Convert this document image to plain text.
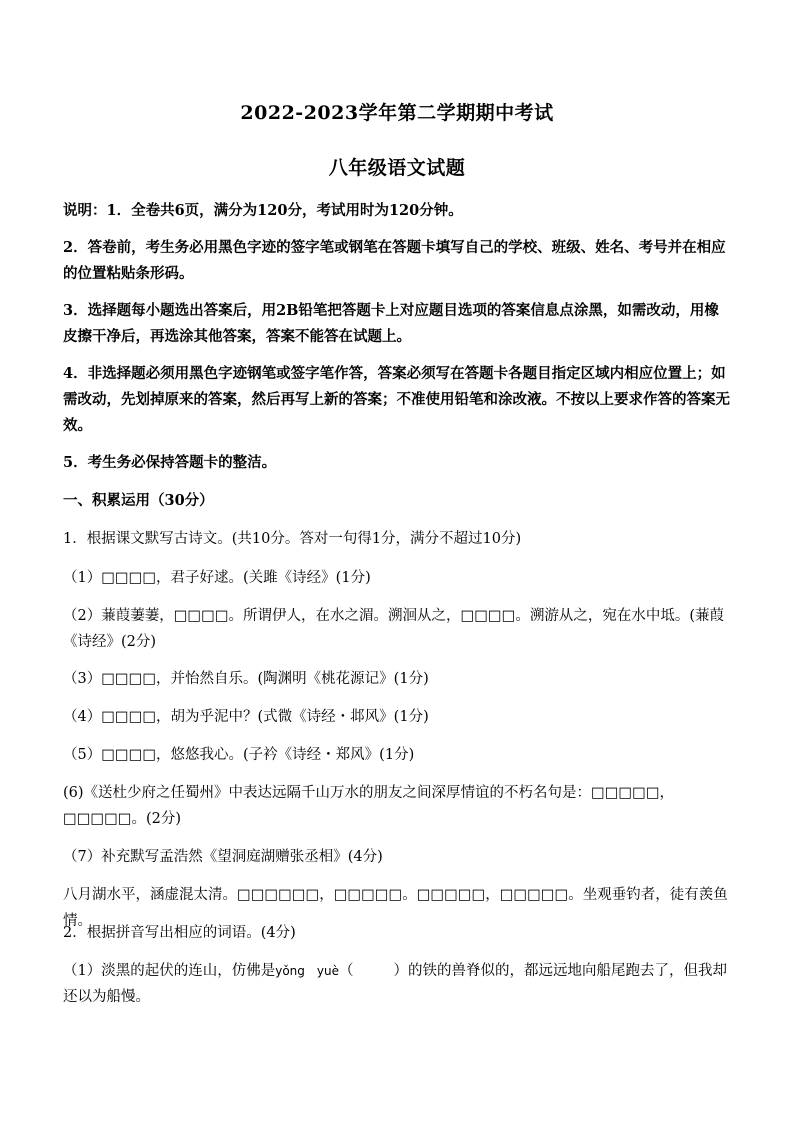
2022-2023学年第二学期期中考试
八年级语文试题
说明：1．全卷共6页，满分为120分，考试用时为120分钟。
2．答卷前，考生务必用黑色字迹的签字笔或钢笔在答题卡填写自己的学校、班级、姓名、考号并在相应的位置粘贴条形码。
3．选择题每小题选出答案后，用2B铅笔把答题卡上对应题目选项的答案信息点涂黑，如需改动，用橡皮擦干净后，再选涂其他答案，答案不能答在试题上。
4．非选择题必须用黑色字迹钢笔或签字笔作答，答案必须写在答题卡各题目指定区域内相应位置上；如需改动，先划掉原来的答案，然后再写上新的答案；不准使用铅笔和涂改液。不按以上要求作答的答案无效。
5．考生务必保持答题卡的整洁。
一、积累运用（30分）
1．根据课文默写古诗文。(共10分。答对一句得1分，满分不超过10分)
（1）□□□□，君子好逑。(关雎《诗经》(1分)
（2）蒹葭萋萋，□□□□。所谓伊人，在水之湄。溯洄从之，□□□□。溯游从之，宛在水中坻。(蒹葭《诗经》(2分)
（3）□□□□，并怡然自乐。(陶渊明《桃花源记》(1分)
（4）□□□□，胡为乎泥中？(式微《诗经・邶风》(1分)
（5）□□□□，悠悠我心。(子衿《诗经・郑风》(1分)
(6)《送杜少府之任蜀州》中表达远隔千山万水的朋友之间深厚情谊的不朽名句是：□□□□□，□□□□□。(2分)
（7）补充默写孟浩然《望洞庭湖赠张丞相》(4分)
八月湖水平，涵虚混太清。□□□□□□，□□□□□。□□□□□，□□□□□。坐观垂钓者，徒有羡鱼情。
2．根据拼音写出相应的词语。(4分)
（1）淡黑的起伏的连山，仿佛是yǒng　yuè（	）的铁的兽脊似的，都远远地向船尾跑去了，但我却还以为船慢。
